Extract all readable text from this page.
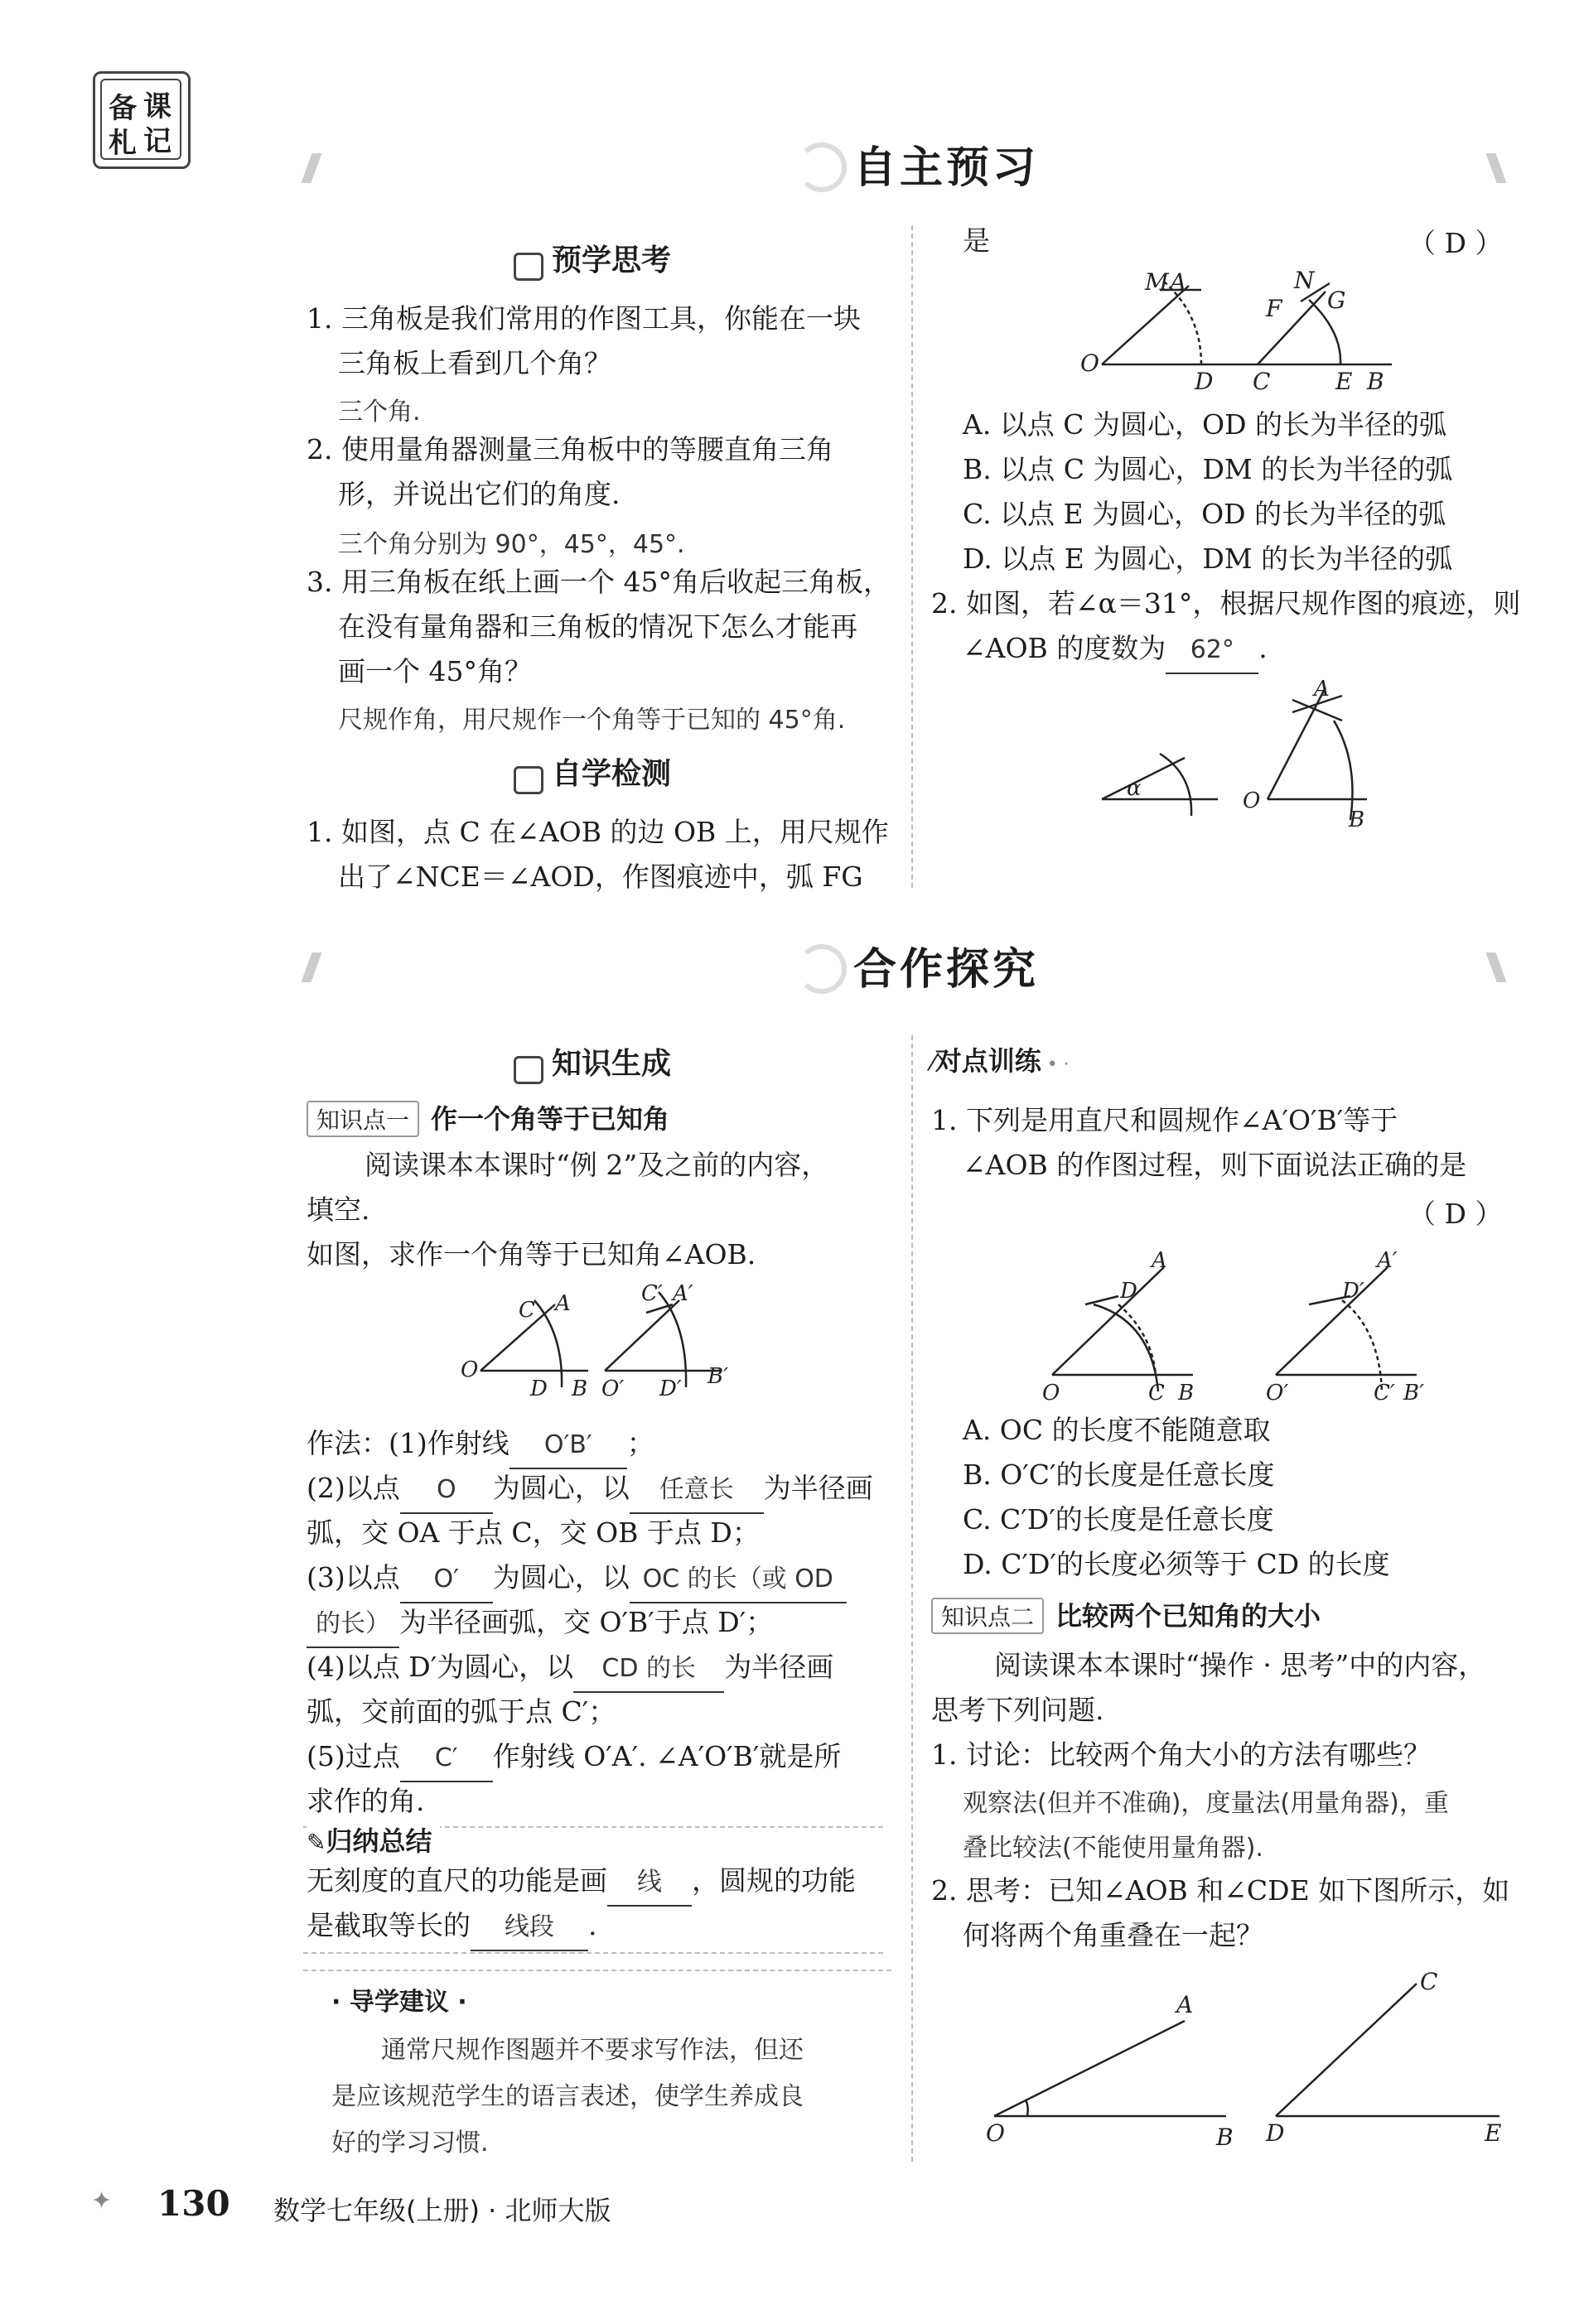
备 课
札 记
自主预习
预学思考
1. 三角板是我们常用的作图工具，你能在一块
三角板上看到几个角？
三个角.
2. 使用量角器测量三角板中的等腰直角三角
形，并说出它们的角度.
三个角分别为 90°，45°，45°.
3. 用三角板在纸上画一个 45°角后收起三角板，
在没有量角器和三角板的情况下怎么才能再
画一个 45°角？
尺规作角，用尺规作一个角等于已知的 45°角.
自学检测
1. 如图，点 C 在∠AOB 的边 OB 上，用尺规作
出了∠NCE＝∠AOD，作图痕迹中，弧 FG
是	（ D ）
M A	N
F G
O
D C	E B
A. 以点 C 为圆心，OD 的长为半径的弧
B. 以点 C 为圆心，DM 的长为半径的弧
C. 以点 E 为圆心，OD 的长为半径的弧
D. 以点 E 为圆心，DM 的长为半径的弧
2. 如图，若∠α＝31°，根据尺规作图的痕迹，则
∠AOB 的度数为 62° .
α
A
O
B
合作探究
知识生成
知识点一 作一个角等于已知角
阅读课本本课时“例 2”及之前的内容，
填空.
如图，求作一个角等于已知角∠AOB.
C A
O
D B
C′ A′
O′ D′ B′
作法：(1)作射线 O′B′ ；
(2)以点 O 为圆心，以 任意长 为半径画
弧，交 OA 于点 C，交 OB 于点 D；
(3)以点 O′ 为圆心，以 OC 的长（或 OD
的长） 为半径画弧，交 O′B′于点 D′；
(4)以点 D′为圆心，以 CD 的长 为半径画
弧，交前面的弧于点 C′；
(5)过点 C′ 作射线 O′A′. ∠A′O′B′就是所
求作的角.
✎归纳总结
无刻度的直尺的功能是画 线 ，圆规的功能
是截取等长的 线段 .
· 导学建议 ·
通常尺规作图题并不要求写作法，但还
是应该规范学生的语言表述，使学生养成良
好的学习习惯.
⁄对点训练 • ·
1. 下列是用直尺和圆规作∠A′O′B′等于
∠AOB 的作图过程，则下面说法正确的是
（ D ）
A
D
O	C B
A′
D′
O′	C′ B′
A. OC 的长度不能随意取
B. O′C′的长度是任意长度
C. C′D′的长度是任意长度
D. C′D′的长度必须等于 CD 的长度
知识点二 比较两个已知角的大小
阅读课本本课时“操作 · 思考”中的内容，
思考下列问题.
1. 讨论：比较两个角大小的方法有哪些？
观察法(但并不准确)，度量法(用量角器)，重
叠比较法(不能使用量角器).
2. 思考：已知∠AOB 和∠CDE 如下图所示，如
何将两个角重叠在一起？
A
O	B
C
D	E
✦ 130 数学七年级(上册) · 北师大版
